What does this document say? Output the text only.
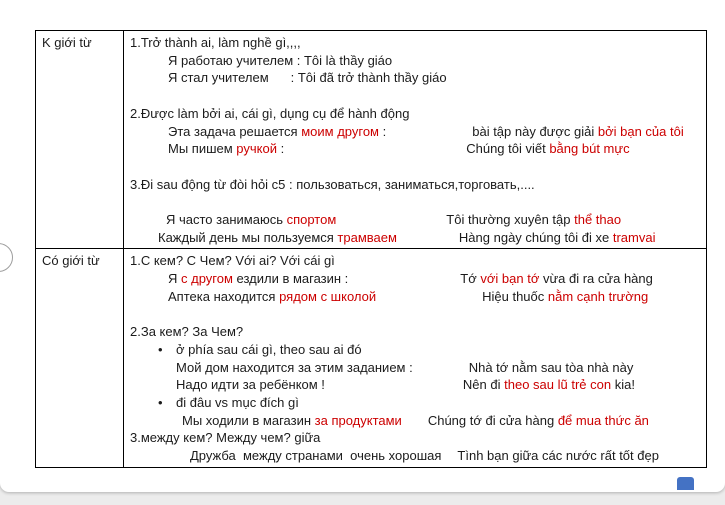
K giới từ	1.Trở thành ai, làm nghề gì,,,,
Я работаю учителем : Tôi là thầy giáo
Я стал учителем : Tôi đã trở thành thầy giáo
2.Được làm bởi ai, cái gì, dụng cụ để hành động
Эта задача решается моим другом :	bài tập này được giải bởi bạn của tôi
Мы пишем ручкой :	Chúng tôi viết bằng bút mực
3.Đi sau động từ đòi hỏi c5 : пользоваться, заниматься,торговать,....
Я часто занимаюсь спортом	Tôi thường xuyên tập thể thao
Каждый день мы пользуемся трамваем	Hàng ngày chúng tôi đi xe tramvai
Có giới từ	1.C кем? C Чем? Với ai? Với cái gì
Я с другом ездили в магазин :	Tớ với bạn tớ vừa đi ra cửa hàng
Аптека находится рядом с школой	Hiệu thuốc nằm cạnh trường
2.За кем? За Чем?
• ở phía sau cái gì, theo sau ai đó
Мой дом находится за этим заданием :	Nhà tớ nằm sau tòa nhà này
Надо идти за ребёнком !	Nên đi theo sau lũ trẻ con kia!
• đi đâu vs mục đích gì
Мы ходили в магазин за продуктами Chúng tớ đi cửa hàng để mua thức ăn
3.между кем? Между чем? giữa
Дружба  между странами  очень хорошая Tình bạn giữa các nước rất tốt đẹp
